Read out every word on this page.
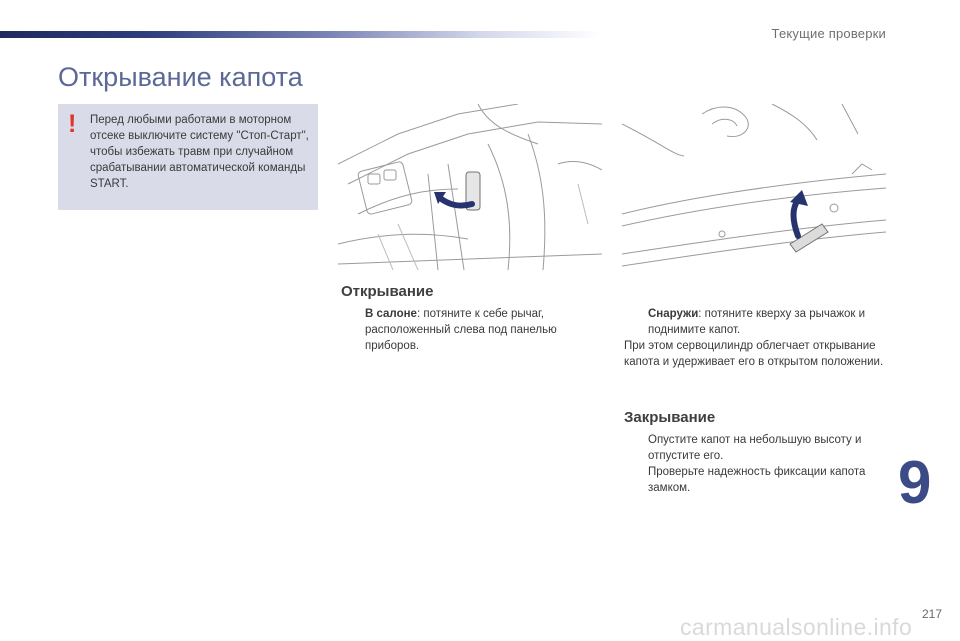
Текущие проверки
Открывание капота
! Перед любыми работами в моторном отсеке выключите систему "Стоп-Старт", чтобы избежать травм при случайном срабатывании автоматической команды START.
Открывание
В салоне: потяните к себе рычаг, расположенный слева под панелью приборов.
Снаружи: потяните кверху за рычажок и поднимите капот.
При этом сервоцилиндр облегчает открывание капота и удерживает его в открытом положении.
Закрывание
Опустите капот на небольшую высоту и отпустите его.
Проверьте надежность фиксации капота замком.	9
217
carmanualsonline.info
